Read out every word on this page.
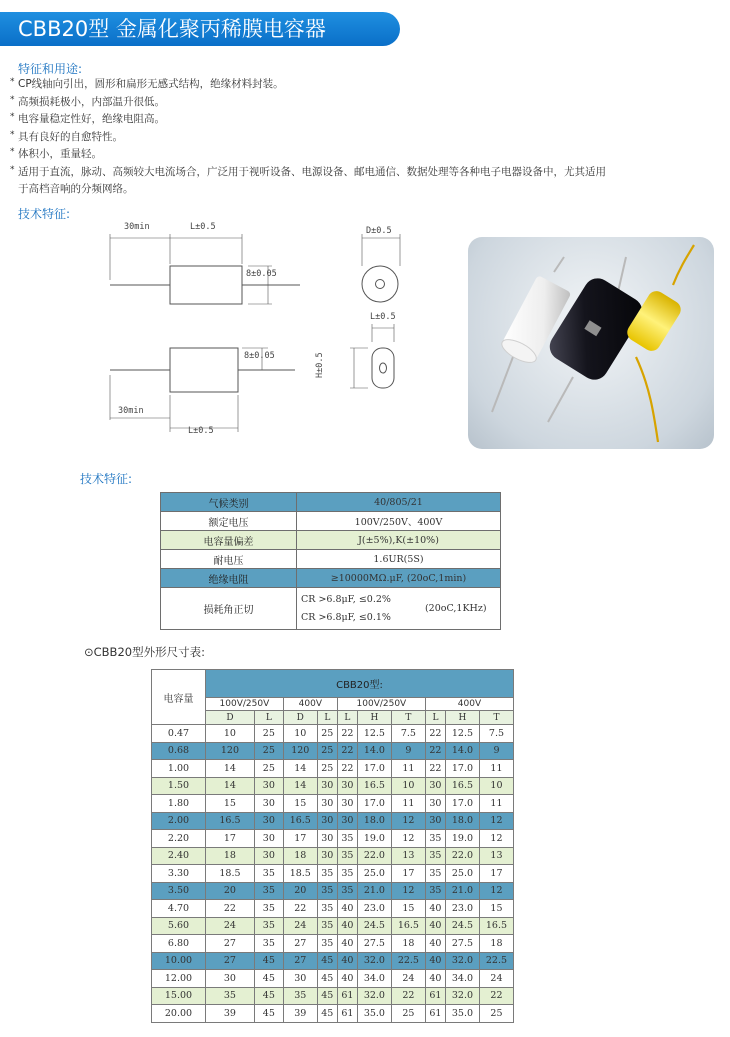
CBB20型 金属化聚丙稀膜电容器
特征和用途:
* CP线轴向引出，圆形和扁形无感式结构，绝缘材料封装。
* 高频损耗极小，内部温升很低。
* 电容量稳定性好，绝缘电阻高。
* 具有良好的自愈特性。
* 体积小，重量轻。
* 适用于直流，脉动、高频较大电流场合，广泛用于视听设备、电源设备、邮电通信、数据处理等各种电子电器设备中，尤其适用
于高档音响的分频网络。
技术特征:
30min	L±0.5
8±0.05
8±0.05
30min
L±0.5
D±0.5
L±0.5
H±0.5
技术特征:
气候类别	40/805/21	
额定电压	100V/250V、400V	
电容量偏差	J(±5%),K(±10%)	
耐电压	1.6UR(5S)	
绝缘电阻	≥10000MΩ.μF, (20oC,1min)	
损耗角正切	CR >6.8μF, ≤0.2%
CR >6.8μF, ≤0.1%	(20oC,1KHz)
⊙CBB20型外形尺寸表:
电容量	CBB20型:									
	100V/250V		400V		100V/250V			400V		
	D	L	D	L	L	H	T	L	H	T
0.47	10	25	10	25	22	12.5	7.5	22	12.5	7.5
0.68	120	25	120	25	22	14.0	9	22	14.0	9
1.00	14	25	14	25	22	17.0	11	22	17.0	11
1.50	14	30	14	30	30	16.5	10	30	16.5	10
1.80	15	30	15	30	30	17.0	11	30	17.0	11
2.00	16.5	30	16.5	30	30	18.0	12	30	18.0	12
2.20	17	30	17	30	35	19.0	12	35	19.0	12
2.40	18	30	18	30	35	22.0	13	35	22.0	13
3.30	18.5	35	18.5	35	35	25.0	17	35	25.0	17
3.50	20	35	20	35	35	21.0	12	35	21.0	12
4.70	22	35	22	35	40	23.0	15	40	23.0	15
5.60	24	35	24	35	40	24.5	16.5	40	24.5	16.5
6.80	27	35	27	35	40	27.5	18	40	27.5	18
10.00	27	45	27	45	40	32.0	22.5	40	32.0	22.5
12.00	30	45	30	45	40	34.0	24	40	34.0	24
15.00	35	45	35	45	61	32.0	22	61	32.0	22
20.00	39	45	39	45	61	35.0	25	61	35.0	25
